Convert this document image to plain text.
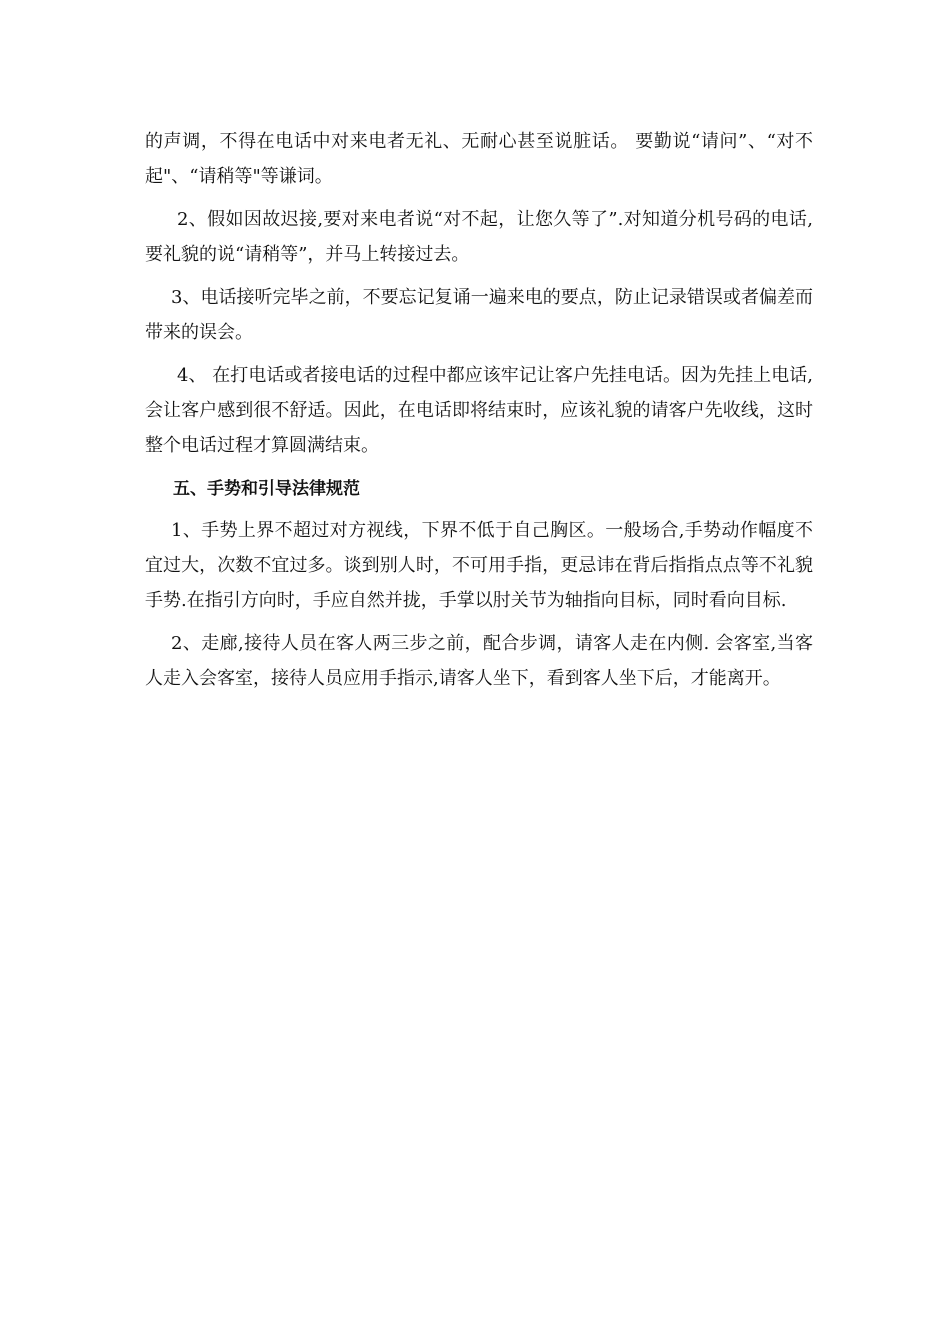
的声调，不得在电话中对来电者无礼、无耐心甚至说脏话。 要勤说“请问”、“对不起"、“请稍等"等谦词。

2、假如因故迟接,要对来电者说“对不起，让您久等了”.对知道分机号码的电话,要礼貌的说“请稍等”，并马上转接过去。

3、电话接听完毕之前，不要忘记复诵一遍来电的要点，防止记录错误或者偏差而带来的误会。

4、 在打电话或者接电话的过程中都应该牢记让客户先挂电话。因为先挂上电话,会让客户感到很不舒适。因此，在电话即将结束时，应该礼貌的请客户先收线，这时整个电话过程才算圆满结束。

五、手势和引导法律规范

1、手势上界不超过对方视线，下界不低于自己胸区。一般场合,手势动作幅度不宜过大，次数不宜过多。谈到别人时，不可用手指，更忌讳在背后指指点点等不礼貌手势.在指引方向时，手应自然并拢，手掌以肘关节为轴指向目标，同时看向目标.

2、走廊,接待人员在客人两三步之前，配合步调，请客人走在内侧. 会客室,当客人走入会客室，接待人员应用手指示,请客人坐下，看到客人坐下后，才能离开。
